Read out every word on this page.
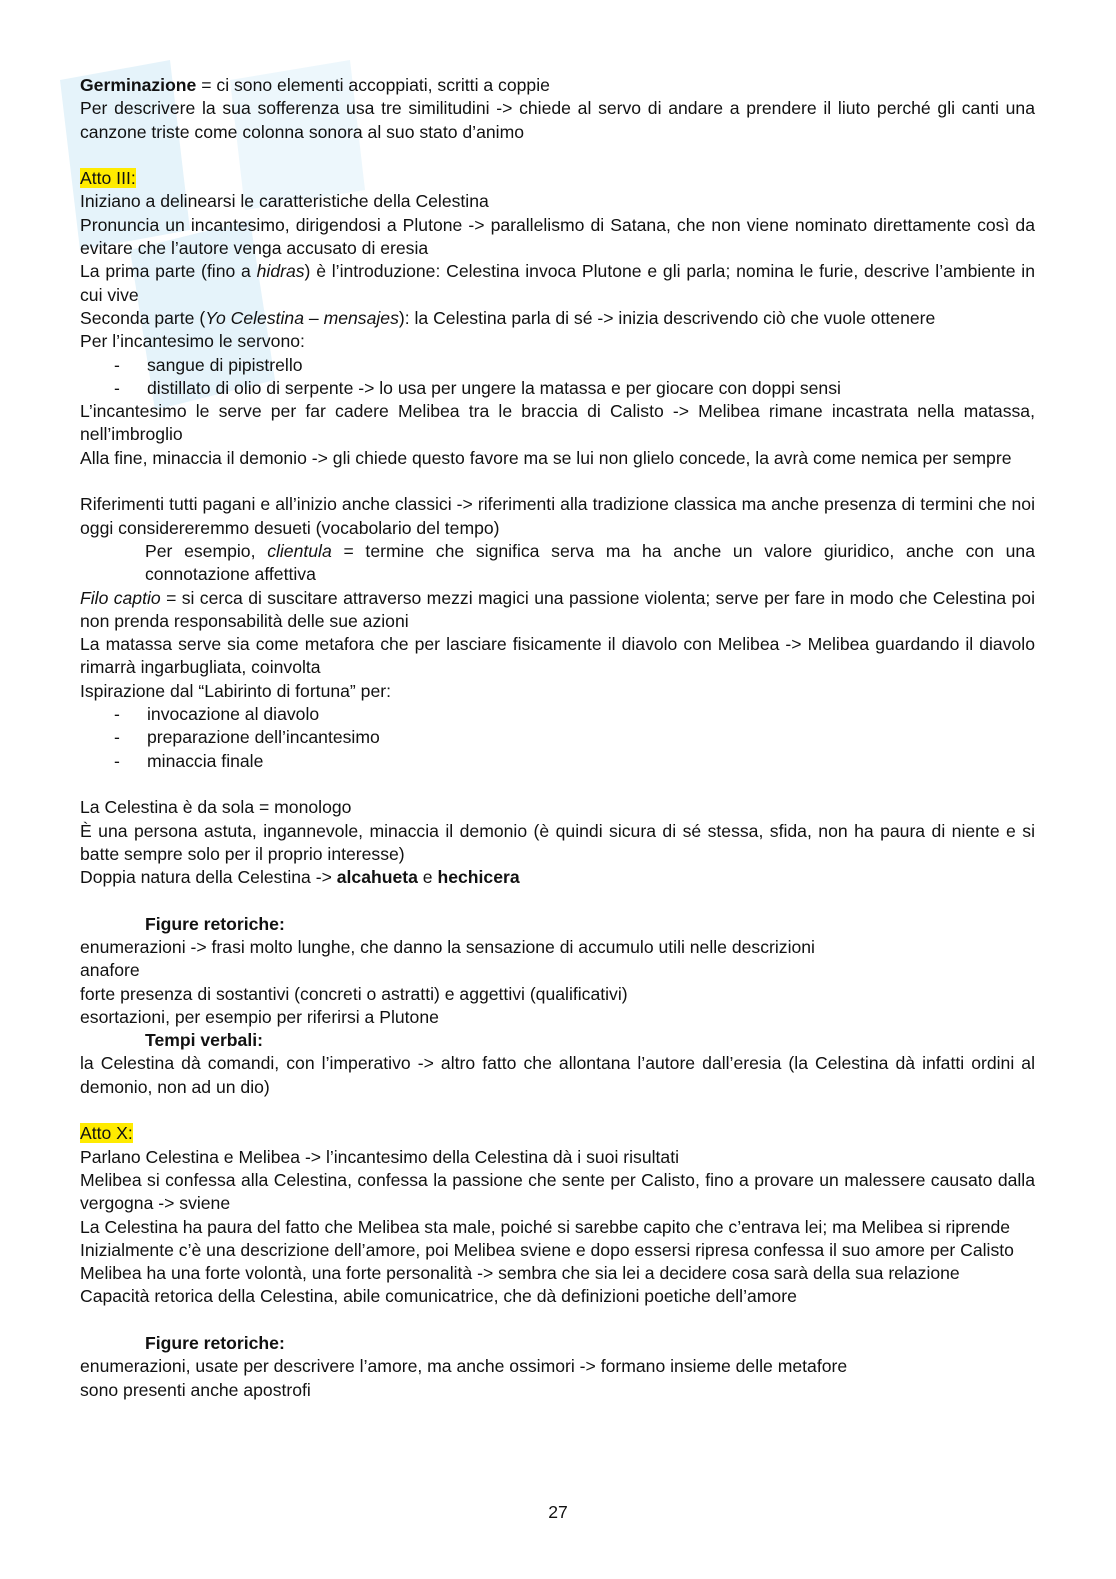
Germinazione = ci sono elementi accoppiati, scritti a coppie

Per descrivere la sua sofferenza usa tre similitudini -> chiede al servo di andare a prendere il liuto perché gli canti una canzone triste come colonna sonora al suo stato d’animo

Atto III:

Iniziano a delinearsi le caratteristiche della Celestina

Pronuncia un incantesimo, dirigendosi a Plutone -> parallelismo di Satana, che non viene nominato direttamente così da evitare che l’autore venga accusato di eresia

La prima parte (fino a hidras) è l’introduzione: Celestina invoca Plutone e gli parla; nomina le furie, descrive l’ambiente in cui vive

Seconda parte (Yo Celestina – mensajes): la Celestina parla di sé -> inizia descrivendo ciò che vuole ottenere

Per l’incantesimo le servono:

- sangue di pipistrello
- distillato di olio di serpente -> lo usa per ungere la matassa e per giocare con doppi sensi

L’incantesimo le serve per far cadere Melibea tra le braccia di Calisto -> Melibea rimane incastrata nella matassa, nell’imbroglio

Alla fine, minaccia il demonio -> gli chiede questo favore ma se lui non glielo concede, la avrà come nemica per sempre

Riferimenti tutti pagani e all’inizio anche classici -> riferimenti alla tradizione classica ma anche presenza di termini che noi oggi considereremmo desueti (vocabolario del tempo)

Per esempio, clientula = termine che significa serva ma ha anche un valore giuridico, anche con una connotazione affettiva

Filo captio = si cerca di suscitare attraverso mezzi magici una passione violenta; serve per fare in modo che Celestina poi non prenda responsabilità delle sue azioni

La matassa serve sia come metafora che per lasciare fisicamente il diavolo con Melibea -> Melibea guardando il diavolo rimarrà ingarbugliata, coinvolta

Ispirazione dal “Labirinto di fortuna” per:

- invocazione al diavolo
- preparazione dell’incantesimo
- minaccia finale

La Celestina è da sola = monologo

È una persona astuta, ingannevole, minaccia il demonio (è quindi sicura di sé stessa, sfida, non ha paura di niente e si batte sempre solo per il proprio interesse)

Doppia natura della Celestina -> alcahueta e hechicera

Figure retoriche:

enumerazioni -> frasi molto lunghe, che danno la sensazione di accumulo utili nelle descrizioni

anafore

forte presenza di sostantivi (concreti o astratti) e aggettivi (qualificativi)

esortazioni, per esempio per riferirsi a Plutone

Tempi verbali:

la Celestina dà comandi, con l’imperativo -> altro fatto che allontana l’autore dall’eresia (la Celestina dà infatti ordini al demonio, non ad un dio)

Atto X:

Parlano Celestina e Melibea -> l’incantesimo della Celestina dà i suoi risultati

Melibea si confessa alla Celestina, confessa la passione che sente per Calisto, fino a provare un malessere causato dalla vergogna -> sviene

La Celestina ha paura del fatto che Melibea sta male, poiché si sarebbe capito che c’entrava lei; ma Melibea si riprende

Inizialmente c’è una descrizione dell’amore, poi Melibea sviene e dopo essersi ripresa confessa il suo amore per Calisto

Melibea ha una forte volontà, una forte personalità -> sembra che sia lei a decidere cosa sarà della sua relazione

Capacità retorica della Celestina, abile comunicatrice, che dà definizioni poetiche dell’amore

Figure retoriche:

enumerazioni, usate per descrivere l’amore, ma anche ossimori -> formano insieme delle metafore

sono presenti anche apostrofi

27
